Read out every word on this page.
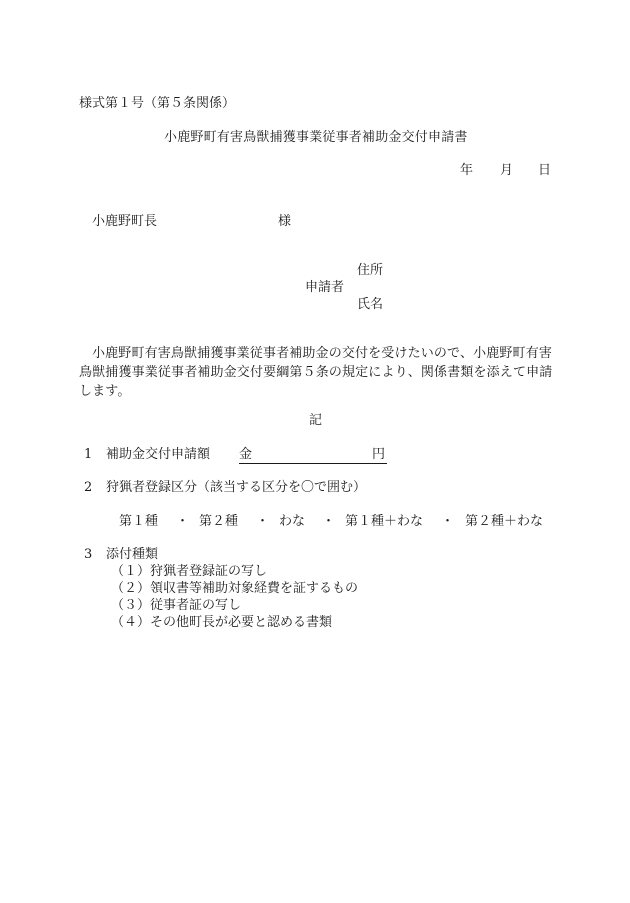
様式第１号（第５条関係）
小鹿野町有害鳥獣捕獲事業従事者補助金交付申請書
年 月 日
小鹿野町長	様
住所
申請者
氏名
小鹿野町有害鳥獣捕獲事業従事者補助金の交付を受けたいので、小鹿野町有害鳥獣捕獲事業従事者補助金交付要綱第５条の規定により、関係書類を添えて申請します。
記
1 補助金交付申請額 金	円
2 狩猟者登録区分（該当する区分を〇で囲む）
第１種 ・ 第２種 ・ わな ・ 第１種＋わな ・ 第２種＋わな
3 添付種類
（１）狩猟者登録証の写し
（２）領収書等補助対象経費を証するもの
（３）従事者証の写し
（４）その他町長が必要と認める書類
